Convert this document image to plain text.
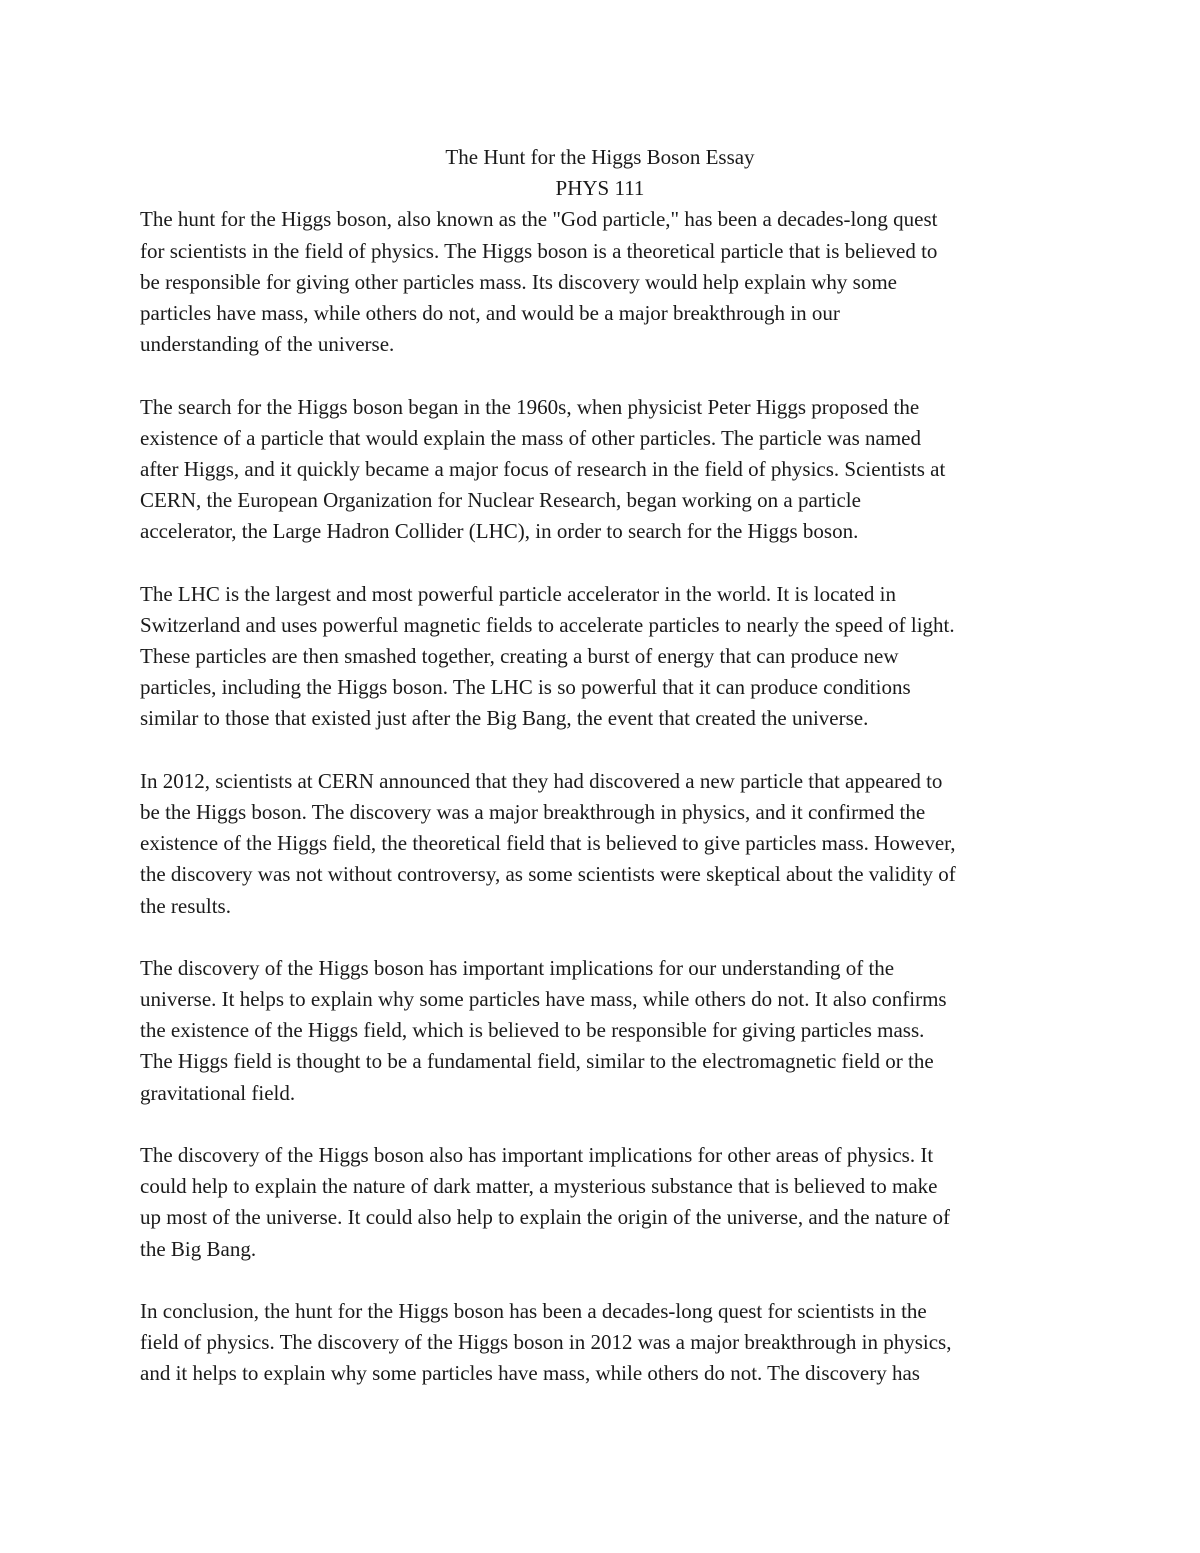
The Hunt for the Higgs Boson Essay
PHYS 111
The hunt for the Higgs boson, also known as the "God particle," has been a decades-long quest
for scientists in the field of physics. The Higgs boson is a theoretical particle that is believed to
be responsible for giving other particles mass. Its discovery would help explain why some
particles have mass, while others do not, and would be a major breakthrough in our
understanding of the universe.
The search for the Higgs boson began in the 1960s, when physicist Peter Higgs proposed the
existence of a particle that would explain the mass of other particles. The particle was named
after Higgs, and it quickly became a major focus of research in the field of physics. Scientists at
CERN, the European Organization for Nuclear Research, began working on a particle
accelerator, the Large Hadron Collider (LHC), in order to search for the Higgs boson.
The LHC is the largest and most powerful particle accelerator in the world. It is located in
Switzerland and uses powerful magnetic fields to accelerate particles to nearly the speed of light.
These particles are then smashed together, creating a burst of energy that can produce new
particles, including the Higgs boson. The LHC is so powerful that it can produce conditions
similar to those that existed just after the Big Bang, the event that created the universe.
In 2012, scientists at CERN announced that they had discovered a new particle that appeared to
be the Higgs boson. The discovery was a major breakthrough in physics, and it confirmed the
existence of the Higgs field, the theoretical field that is believed to give particles mass. However,
the discovery was not without controversy, as some scientists were skeptical about the validity of
the results.
The discovery of the Higgs boson has important implications for our understanding of the
universe. It helps to explain why some particles have mass, while others do not. It also confirms
the existence of the Higgs field, which is believed to be responsible for giving particles mass.
The Higgs field is thought to be a fundamental field, similar to the electromagnetic field or the
gravitational field.
The discovery of the Higgs boson also has important implications for other areas of physics. It
could help to explain the nature of dark matter, a mysterious substance that is believed to make
up most of the universe. It could also help to explain the origin of the universe, and the nature of
the Big Bang.
In conclusion, the hunt for the Higgs boson has been a decades-long quest for scientists in the
field of physics. The discovery of the Higgs boson in 2012 was a major breakthrough in physics,
and it helps to explain why some particles have mass, while others do not. The discovery has
